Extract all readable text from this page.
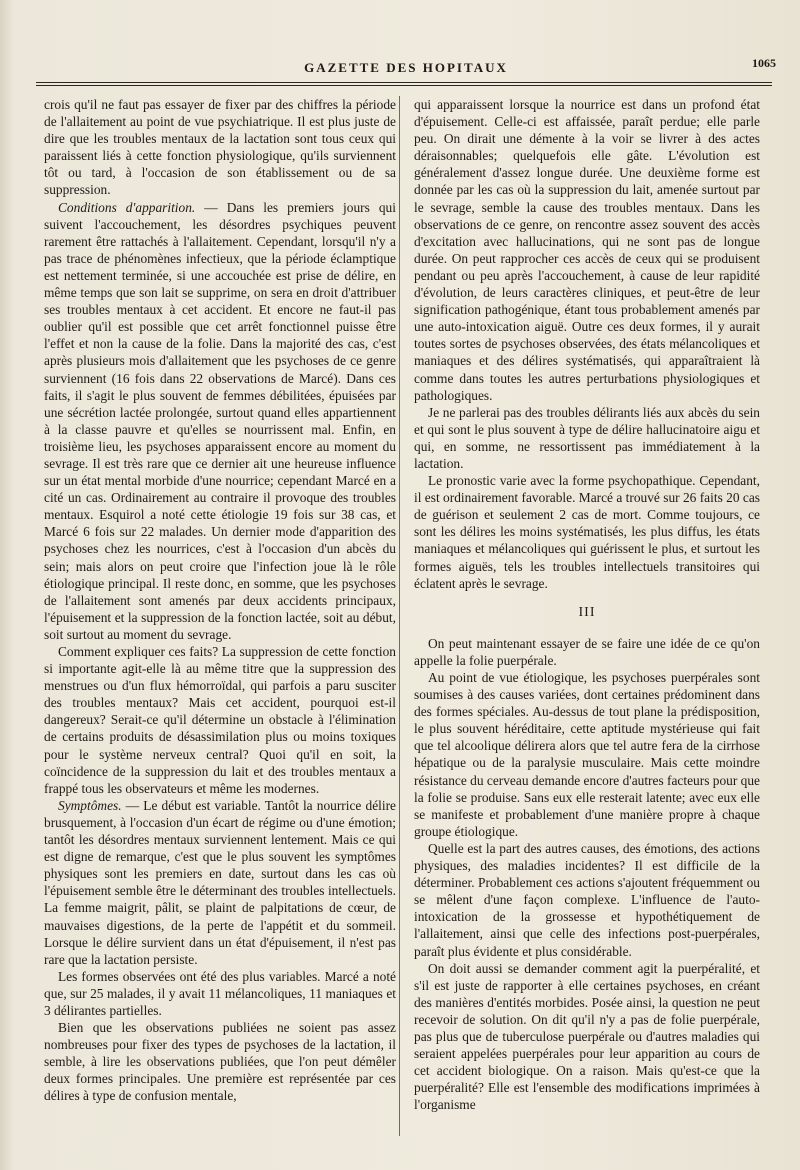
GAZETTE DES HOPITAUX	1065

crois qu'il ne faut pas essayer de fixer par des chiffres la période de l'allaitement au point de vue psychiatrique. Il est plus juste de dire que les troubles mentaux de la lactation sont tous ceux qui paraissent liés à cette fonction physiologique, qu'ils surviennent tôt ou tard, à l'occasion de son établissement ou de sa suppression.

Conditions d'apparition. — Dans les premiers jours qui suivent l'accouchement, les désordres psychiques peuvent rarement être rattachés à l'allaitement. Cependant, lorsqu'il n'y a pas trace de phénomènes infectieux, que la période éclamptique est nettement terminée, si une accouchée est prise de délire, en même temps que son lait se supprime, on sera en droit d'attribuer ses troubles mentaux à cet accident. Et encore ne faut-il pas oublier qu'il est possible que cet arrêt fonctionnel puisse être l'effet et non la cause de la folie. Dans la majorité des cas, c'est après plusieurs mois d'allaitement que les psychoses de ce genre surviennent (16 fois dans 22 observations de Marcé). Dans ces faits, il s'agit le plus souvent de femmes débilitées, épuisées par une sécrétion lactée prolongée, surtout quand elles appartiennent à la classe pauvre et qu'elles se nourrissent mal. Enfin, en troisième lieu, les psychoses apparaissent encore au moment du sevrage. Il est très rare que ce dernier ait une heureuse influence sur un état mental morbide d'une nourrice; cependant Marcé en a cité un cas. Ordinairement au contraire il provoque des troubles mentaux. Esquirol a noté cette étiologie 19 fois sur 38 cas, et Marcé 6 fois sur 22 malades. Un dernier mode d'apparition des psychoses chez les nourrices, c'est à l'occasion d'un abcès du sein; mais alors on peut croire que l'infection joue là le rôle étiologique principal. Il reste donc, en somme, que les psychoses de l'allaitement sont amenés par deux accidents principaux, l'épuisement et la suppression de la fonction lactée, soit au début, soit surtout au moment du sevrage.

Comment expliquer ces faits? La suppression de cette fonction si importante agit-elle là au même titre que la suppression des menstrues ou d'un flux hémorroïdal, qui parfois a paru susciter des troubles mentaux? Mais cet accident, pourquoi est-il dangereux? Serait-ce qu'il détermine un obstacle à l'élimination de certains produits de désassimilation plus ou moins toxiques pour le système nerveux central? Quoi qu'il en soit, la coïncidence de la suppression du lait et des troubles mentaux a frappé tous les observateurs et même les modernes.

Symptômes. — Le début est variable. Tantôt la nourrice délire brusquement, à l'occasion d'un écart de régime ou d'une émotion; tantôt les désordres mentaux surviennent lentement. Mais ce qui est digne de remarque, c'est que le plus souvent les symptômes physiques sont les premiers en date, surtout dans les cas où l'épuisement semble être le déterminant des troubles intellectuels. La femme maigrit, pâlit, se plaint de palpitations de cœur, de mauvaises digestions, de la perte de l'appétit et du sommeil. Lorsque le délire survient dans un état d'épuisement, il n'est pas rare que la lactation persiste.

Les formes observées ont été des plus variables. Marcé a noté que, sur 25 malades, il y avait 11 mélancoliques, 11 maniaques et 3 délirantes partielles.

Bien que les observations publiées ne soient pas assez nombreuses pour fixer des types de psychoses de la lactation, il semble, à lire les observations publiées, que l'on peut démêler deux formes principales. Une première est représentée par ces délires à type de confusion mentale,

qui apparaissent lorsque la nourrice est dans un profond état d'épuisement. Celle-ci est affaissée, paraît perdue; elle parle peu. On dirait une démente à la voir se livrer à des actes déraisonnables; quelquefois elle gâte. L'évolution est généralement d'assez longue durée. Une deuxième forme est donnée par les cas où la suppression du lait, amenée surtout par le sevrage, semble la cause des troubles mentaux. Dans les observations de ce genre, on rencontre assez souvent des accès d'excitation avec hallucinations, qui ne sont pas de longue durée. On peut rapprocher ces accès de ceux qui se produisent pendant ou peu après l'accouchement, à cause de leur rapidité d'évolution, de leurs caractères cliniques, et peut-être de leur signification pathogénique, étant tous probablement amenés par une auto-intoxication aiguë. Outre ces deux formes, il y aurait toutes sortes de psychoses observées, des états mélancoliques et maniaques et des délires systématisés, qui apparaîtraient là comme dans toutes les autres perturbations physiologiques et pathologiques.

Je ne parlerai pas des troubles délirants liés aux abcès du sein et qui sont le plus souvent à type de délire hallucinatoire aigu et qui, en somme, ne ressortissent pas immédiatement à la lactation.

Le pronostic varie avec la forme psychopathique. Cependant, il est ordinairement favorable. Marcé a trouvé sur 26 faits 20 cas de guérison et seulement 2 cas de mort. Comme toujours, ce sont les délires les moins systématisés, les plus diffus, les états maniaques et mélancoliques qui guérissent le plus, et surtout les formes aiguës, tels les troubles intellectuels transitoires qui éclatent après le sevrage.

III

On peut maintenant essayer de se faire une idée de ce qu'on appelle la folie puerpérale.

Au point de vue étiologique, les psychoses puerpérales sont soumises à des causes variées, dont certaines prédominent dans des formes spéciales. Au-dessus de tout plane la prédisposition, le plus souvent héréditaire, cette aptitude mystérieuse qui fait que tel alcoolique délirera alors que tel autre fera de la cirrhose hépatique ou de la paralysie musculaire. Mais cette moindre résistance du cerveau demande encore d'autres facteurs pour que la folie se produise. Sans eux elle resterait latente; avec eux elle se manifeste et probablement d'une manière propre à chaque groupe étiologique.

Quelle est la part des autres causes, des émotions, des actions physiques, des maladies incidentes? Il est difficile de la déterminer. Probablement ces actions s'ajoutent fréquemment ou se mêlent d'une façon complexe. L'influence de l'auto-intoxication de la grossesse et hypothétiquement de l'allaitement, ainsi que celle des infections post-puerpérales, paraît plus évidente et plus considérable.

On doit aussi se demander comment agit la puerpéralité, et s'il est juste de rapporter à elle certaines psychoses, en créant des manières d'entités morbides. Posée ainsi, la question ne peut recevoir de solution. On dit qu'il n'y a pas de folie puerpérale, pas plus que de tuberculose puerpérale ou d'autres maladies qui seraient appelées puerpérales pour leur apparition au cours de cet accident biologique. On a raison. Mais qu'est-ce que la puerpéralité? Elle est l'ensemble des modifications imprimées à l'organisme
